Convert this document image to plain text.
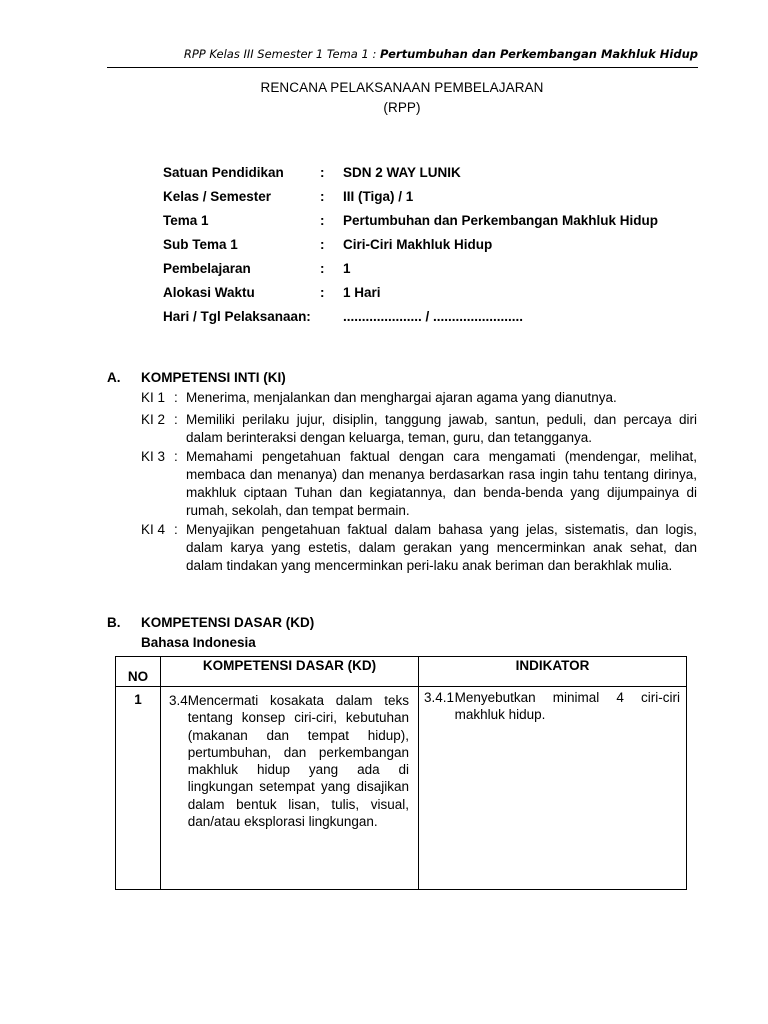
RPP Kelas III Semester 1 Tema 1 : Pertumbuhan dan Perkembangan Makhluk Hidup
RENCANA PELAKSANAAN PEMBELAJARAN
(RPP)
Satuan Pendidikan	:	SDN 2 WAY LUNIK
Kelas / Semester	:	III (Tiga) / 1
Tema 1	:	Pertumbuhan dan Perkembangan Makhluk Hidup
Sub Tema 1	:	Ciri-Ciri Makhluk Hidup
Pembelajaran	:	1
Alokasi Waktu	:	1 Hari
Hari / Tgl Pelaksanaan:	..................... / ........................
A. KOMPETENSI INTI (KI)
KI 1 : Menerima, menjalankan dan menghargai ajaran agama yang dianutnya.
KI 2 : Memiliki perilaku jujur, disiplin, tanggung jawab, santun, peduli, dan percaya diri dalam berinteraksi dengan keluarga, teman, guru, dan tetangganya.
KI 3 : Memahami pengetahuan faktual dengan cara mengamati (mendengar, melihat, membaca dan menanya) dan menanya berdasarkan rasa ingin tahu tentang dirinya, makhluk ciptaan Tuhan dan kegiatannya, dan benda-benda yang dijumpainya di rumah, sekolah, dan tempat bermain.
KI 4 : Menyajikan pengetahuan faktual dalam bahasa yang jelas, sistematis, dan logis, dalam karya yang estetis, dalam gerakan yang mencerminkan anak sehat, dan dalam tindakan yang mencerminkan peri-laku anak beriman dan berakhlak mulia.
B. KOMPETENSI DASAR (KD)
Bahasa Indonesia
NO	KOMPETENSI DASAR (KD)	INDIKATOR
1	3.4 Mencermati kosakata dalam teks tentang konsep ciri-ciri, kebutuhan (makanan dan tempat hidup), pertumbuhan, dan perkembangan makhluk hidup yang ada di lingkungan setempat yang disajikan dalam bentuk lisan, tulis, visual, dan/atau eksplorasi lingkungan.	3.4.1 Menyebutkan minimal 4 ciri-ciri makhluk hidup.
